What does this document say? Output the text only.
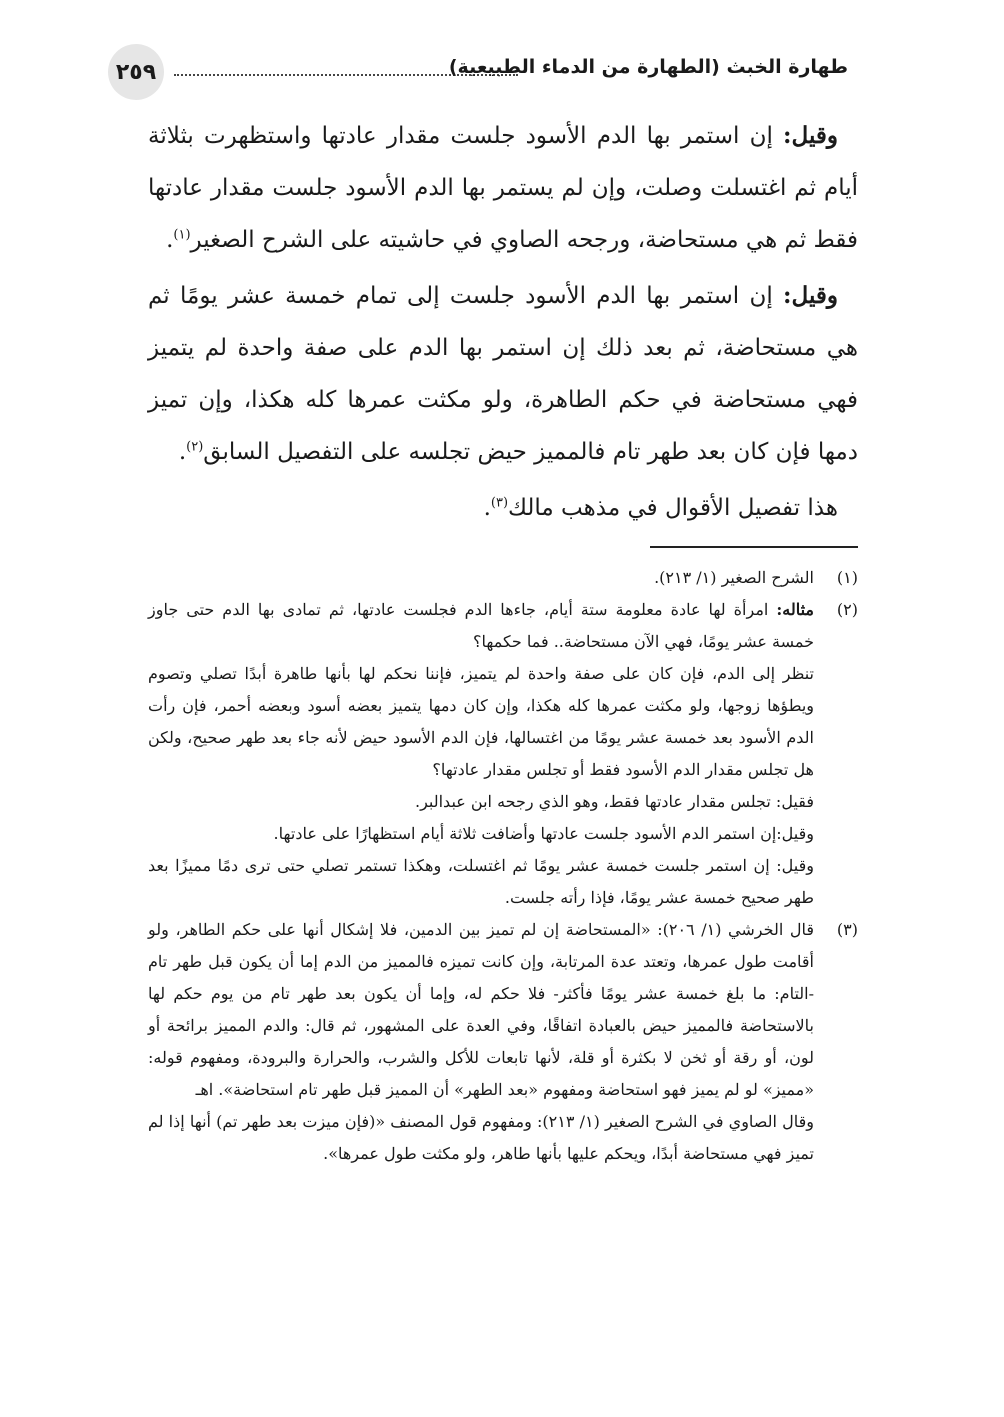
٢٥٩	طهارة الخبث (الطهارة من الدماء الطبيعية)

وقيل: إن استمر بها الدم الأسود جلست مقدار عادتها واستظهرت بثلاثة أيام ثم اغتسلت وصلت، وإن لم يستمر بها الدم الأسود جلست مقدار عادتها فقط ثم هي مستحاضة، ورجحه الصاوي في حاشيته على الشرح الصغير$^{(١)}$.

وقيل: إن استمر بها الدم الأسود جلست إلى تمام خمسة عشر يومًا ثم هي مستحاضة، ثم بعد ذلك إن استمر بها الدم على صفة واحدة لم يتميز فهي مستحاضة في حكم الطاهرة، ولو مكثت عمرها كله هكذا، وإن تميز دمها فإن كان بعد طهر تام فالمميز حيض تجلسه على التفصيل السابق$^{(٢)}$.

هذا تفصيل الأقوال في مذهب مالك$^{(٣)}$.

(١)

الشرح الصغير (١/ ٢١٣).

(٢)

مثاله: امرأة لها عادة معلومة ستة أيام، جاءها الدم فجلست عادتها، ثم تمادى بها الدم حتى جاوز خمسة عشر يومًا، فهي الآن مستحاضة.. فما حكمها؟

تنظر إلى الدم، فإن كان على صفة واحدة لم يتميز، فإننا نحكم لها بأنها طاهرة أبدًا تصلي وتصوم ويطؤها زوجها، ولو مكثت عمرها كله هكذا، وإن كان دمها يتميز بعضه أسود وبعضه أحمر، فإن رأت الدم الأسود بعد خمسة عشر يومًا من اغتسالها، فإن الدم الأسود حيض لأنه جاء بعد طهر صحيح، ولكن هل تجلس مقدار الدم الأسود فقط أو تجلس مقدار عادتها؟

فقيل: تجلس مقدار عادتها فقط، وهو الذي رجحه ابن عبدالبر.

وقيل:إن استمر الدم الأسود جلست عادتها وأضافت ثلاثة أيام استظهارًا على عادتها.

وقيل: إن استمر جلست خمسة عشر يومًا ثم اغتسلت، وهكذا تستمر تصلي حتى ترى دمًا مميزًا بعد طهر صحيح خمسة عشر يومًا، فإذا رأته جلست.

(٣)

قال الخرشي (١/ ٢٠٦): «المستحاضة إن لم تميز بين الدمين، فلا إشكال أنها على حكم الطاهر، ولو أقامت طول عمرها، وتعتد عدة المرتابة، وإن كانت تميزه فالمميز من الدم إما أن يكون قبل طهر تام -التام: ما بلغ خمسة عشر يومًا فأكثر- فلا حكم له، وإما أن يكون بعد طهر تام من يوم حكم لها بالاستحاضة فالمميز حيض بالعبادة اتفاقًا، وفي العدة على المشهور، ثم قال: والدم المميز برائحة أو لون، أو رقة أو ثخن لا بكثرة أو قلة، لأنها تابعات للأكل والشرب، والحرارة والبرودة، ومفهوم قوله: «مميز» لو لم يميز فهو استحاضة ومفهوم «بعد الطهر» أن المميز قبل طهر تام استحاضة». اهـ

وقال الصاوي في الشرح الصغير (١/ ٢١٣): ومفهوم قول المصنف «(فإن ميزت بعد طهر تم) أنها إذا لم تميز فهي مستحاضة أبدًا، ويحكم عليها بأنها طاهر، ولو مكثت طول عمرها».
